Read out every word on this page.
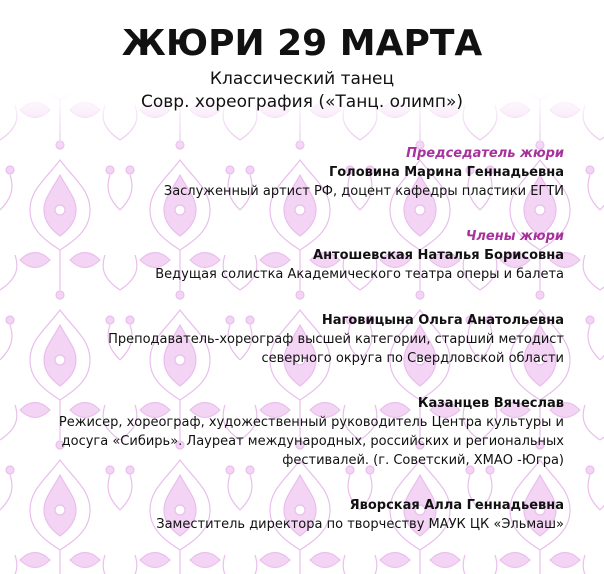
ЖЮРИ 29 МАРТА
Классический танец
Совр. хореография («Танц. олимп»)
Председатель жюри
Головина Марина Геннадьевна
Заслуженный артист РФ, доцент кафедры пластики ЕГТИ
Члены жюри
Антошевская Наталья Борисовна
Ведущая солистка Академического театра оперы и балета
Наговицына Ольга Анатольевна
Преподаватель-хореограф высшей категории, старший методист
северного округа по Свердловской области
Казанцев Вячеслав
Режисер, хореограф, художественный руководитель Центра культуры и
досуга «Сибирь». Лауреат международных, российских и региональных
фестивалей. (г. Советский, ХМАО -Югра)
Яворская Алла Геннадьевна
Заместитель директора по творчеству МАУК ЦК «Эльмаш»
